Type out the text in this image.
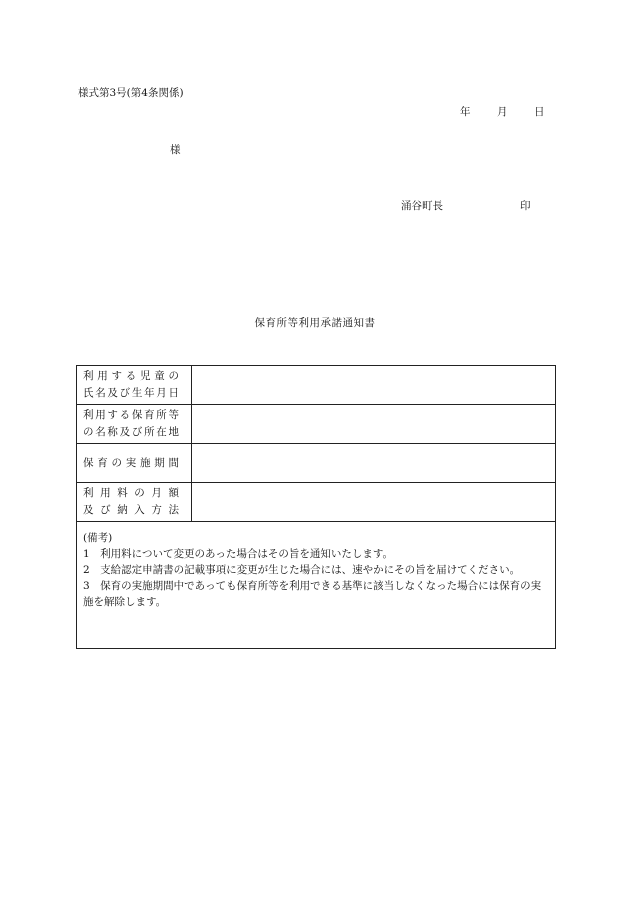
様式第3号(第4条関係)
年	月	日
様
涌谷町長	印
保育所等利用承諾通知書
利用する児童の
氏名及び生年月日	

利用する保育所等
の名称及び所在地	

保育の実施期間	

利用料の月額
及び納入方法	

(備考)
1　利用料について変更のあった場合はその旨を通知いたします。
2　支給認定申請書の記載事項に変更が生じた場合には、速やかにその旨を届けてください。
3　保育の実施期間中であっても保育所等を利用できる基準に該当しなくなった場合には保育の実施を解除します。	
